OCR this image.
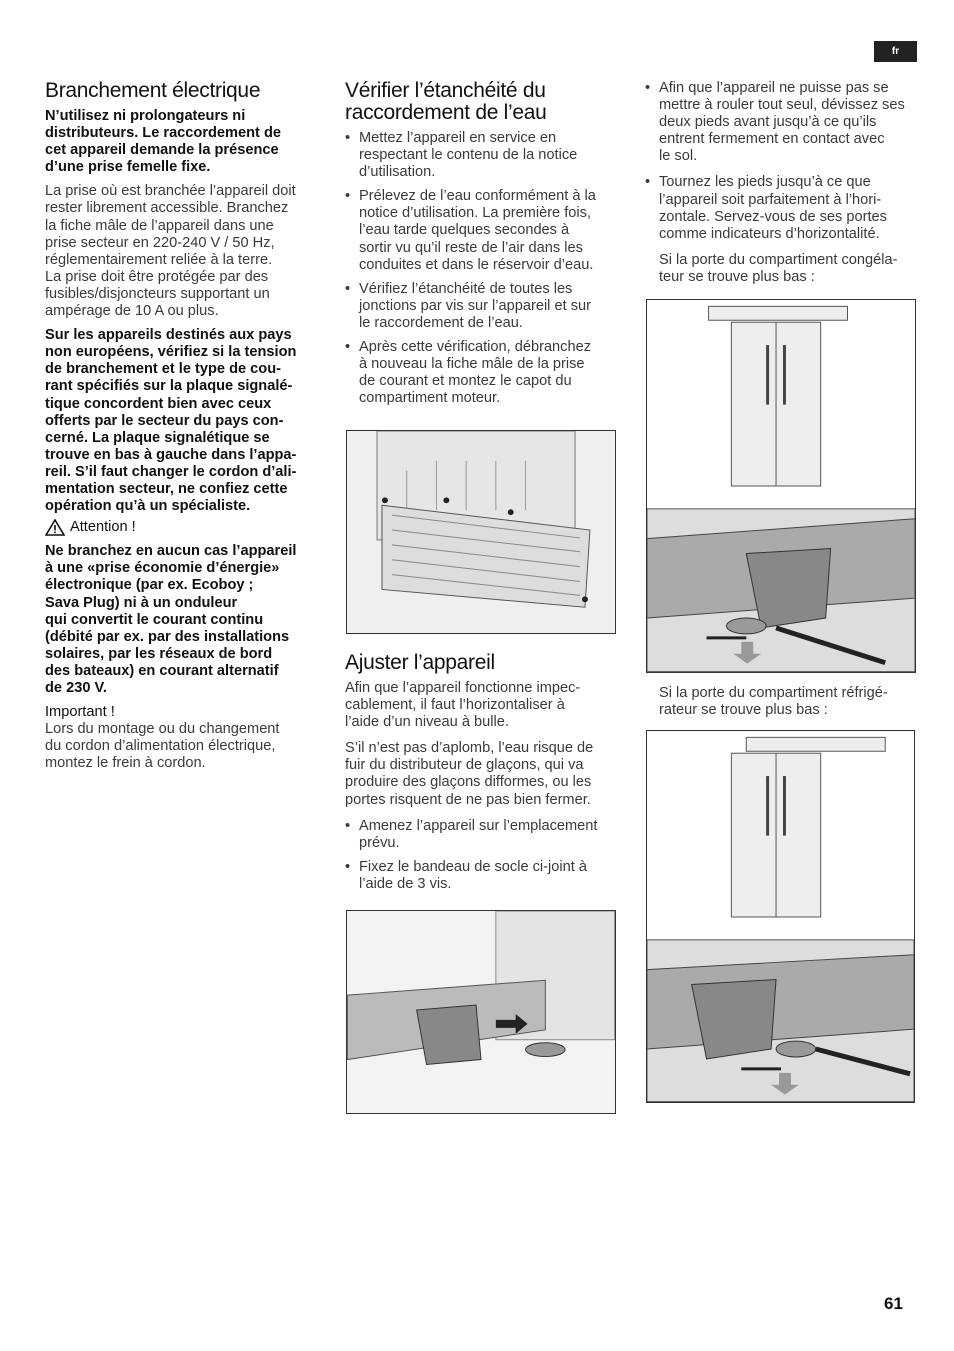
fr
Branchement électrique

N’utilisez ni prolongateurs ni
distributeurs. Le raccordement de
cet appareil demande la présence
d’une prise femelle fixe.

La prise où est branchée l’appareil doit
rester librement accessible. Branchez
la fiche mâle de l’appareil dans une
prise secteur en 220-240 V / 50 Hz,
réglementairement reliée à la terre.
La prise doit être protégée par des
fusibles/disjoncteurs supportant un
ampérage de 10 A ou plus.

Sur les appareils destinés aux pays
non européens, vérifiez si la tension
de branchement et le type de cou-
rant spécifiés sur la plaque signalé-
tique concordent bien avec ceux
offerts par le secteur du pays con-
cerné. La plaque signalétique se
trouve en bas à gauche dans l’appa-
reil. S’il faut changer le cordon d’ali-
mentation secteur, ne confiez cette
opération qu’à un spécialiste.

Attention !

Ne branchez en aucun cas l’appareil
à une «prise économie d’énergie»
électronique (par ex. Ecoboy ;
Sava Plug) ni à un onduleur
qui convertit le courant continu
(débité par ex. par des installations
solaires, par les réseaux de bord
des bateaux) en courant alternatif
de 230 V.

Important !

Lors du montage ou du changement
du cordon d’alimentation électrique,
montez le frein à cordon.

Vérifier l’étanchéité du
raccordement de l’eau

• Mettez l’appareil en service en
respectant le contenu de la notice
d’utilisation.

• Prélevez de l’eau conformément à la
notice d’utilisation. La première fois,
l’eau tarde quelques secondes à
sortir vu qu’il reste de l’air dans les
conduites et dans le réservoir d’eau.

• Vérifiez l’étanchéité de toutes les
jonctions par vis sur l’appareil et sur
le raccordement de l’eau.

• Après cette vérification, débranchez
à nouveau la fiche mâle de la prise
de courant et montez le capot du
compartiment moteur.

Ajuster l’appareil

Afin que l’appareil fonctionne impec-
cablement, il faut l’horizontaliser à
l’aide d’un niveau à bulle.

S’il n’est pas d’aplomb, l’eau risque de
fuir du distributeur de glaçons, qui va
produire des glaçons difformes, ou les
portes risquent de ne pas bien fermer.

• Amenez l’appareil sur l’emplacement
prévu.

• Fixez le bandeau de socle ci-joint à
l’aide de 3 vis.

• Afin que l’appareil ne puisse pas se
mettre à rouler tout seul, dévissez ses
deux pieds avant jusqu’à ce qu’ils
entrent fermement en contact avec
le sol.

• Tournez les pieds jusqu’à ce que
l’appareil soit parfaitement à l’hori-
zontale. Servez-vous de ses portes
comme indicateurs d’horizontalité.

Si la porte du compartiment congéla-
teur se trouve plus bas :

Si la porte du compartiment réfrigé-
rateur se trouve plus bas :

61
